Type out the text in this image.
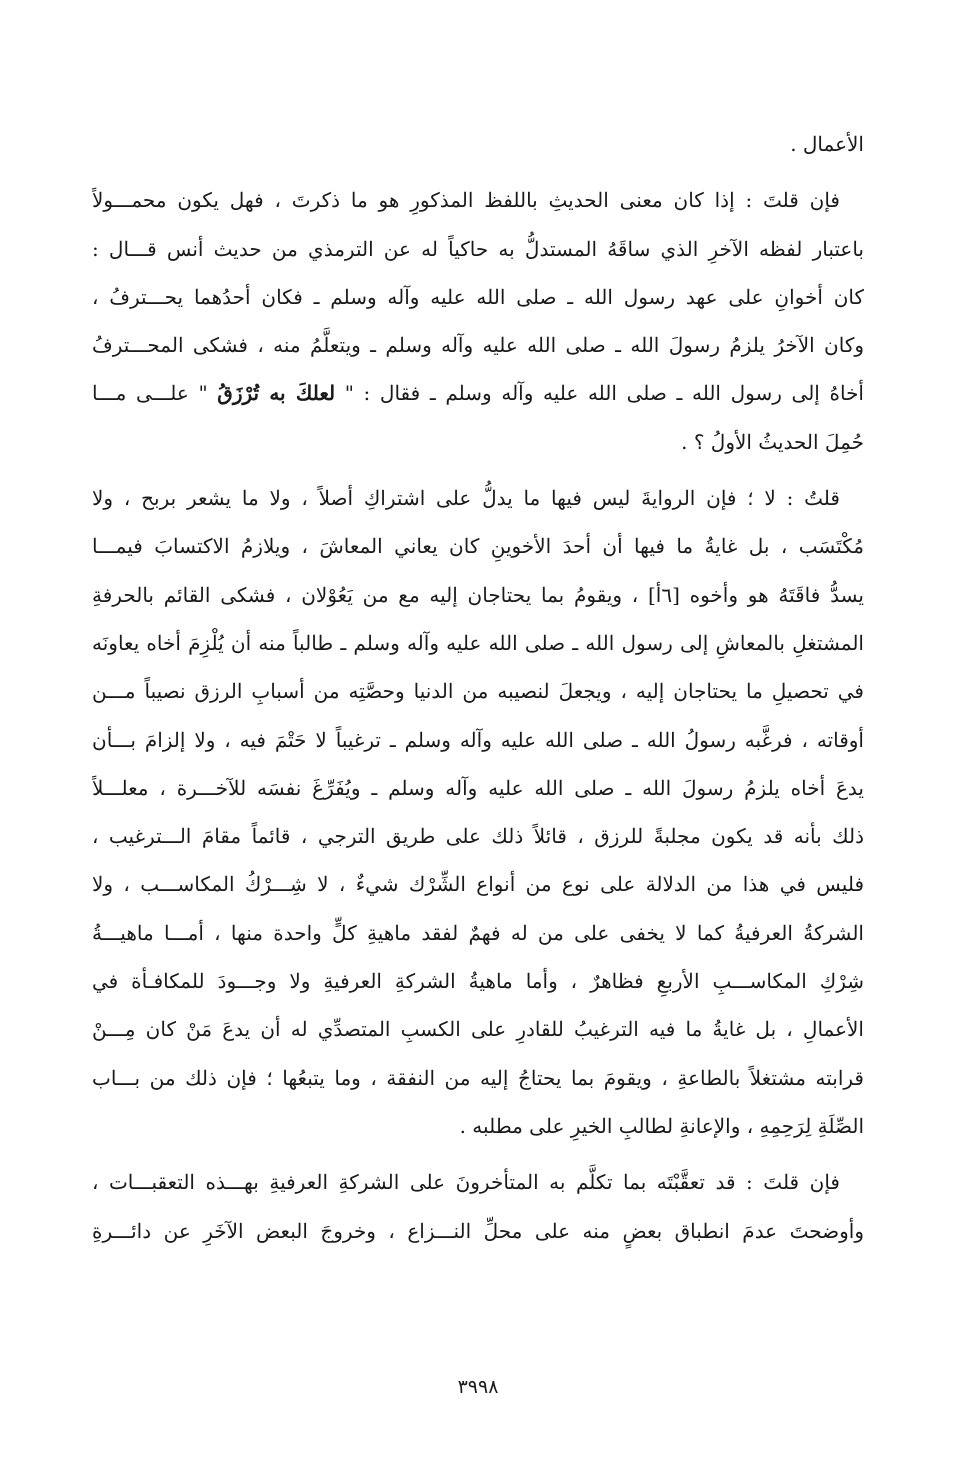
الأعمال .
فإن قلتَ : إذا كان معنى الحديثِ باللفظ المذكورِ هو ما ذكرتَ ، فهل يكون محمـــولاً
باعتبار لفظه الآخرِ الذي ساقَهُ المستدلُّ به حاكياً له عن الترمذي من حديث أنس قـــال :
كان أخوانِ على عهد رسول الله ـ صلى الله عليه وآله وسلم ـ فكان أحدُهما يحـــترفُ ،
وكان الآخرُ يلزمُ رسولَ الله ـ صلى الله عليه وآله وسلم ـ ويتعلَّمُ منه ، فشكى المحـــترفُ
أخاهُ إلى رسول الله ـ صلى الله عليه وآله وسلم ـ فقال : " لعلكَ به تُرْزَقُ " علـــى مـــا
حُمِلَ الحديثُ الأولُ ؟ .
قلتُ : لا ؛ فإن الروايةَ ليس فيها ما يدلُّ على اشتراكِ أصلاً ، ولا ما يشعر بربح ، ولا
مُكْتَسَب ، بل غايةُ ما فيها أن أحدَ الأخوينِ كان يعاني المعاشَ ، ويلازمُ الاكتسابَ فيمـــا
يسدُّ فاقَتَهُ هو وأخوه [٦أ] ، ويقومُ بما يحتاجان إليه مع من يَعُوْلان ، فشكى القائم بالحرفةِ
المشتغلِ بالمعاشِ إلى رسول الله ـ صلى الله عليه وآله وسلم ـ طالباً منه أن يُلْزِمَ أخاه يعاونَه
في تحصيلِ ما يحتاجان إليه ، ويجعلَ لنصيبه من الدنيا وحصَّتِه من أسبابِ الرزق نصيباً مـــن
أوقاته ، فرغَّبه رسولُ الله ـ صلى الله عليه وآله وسلم ـ ترغيباً لا حَتْمَ فيه ، ولا إلزامَ بـــأن
يدعَ أخاه يلزمُ رسولَ الله ـ صلى الله عليه وآله وسلم ـ ويُفَرِّغَ نفسَه للآخـــرة ، معلـــلاً
ذلك بأنه قد يكون مجلبةً للرزق ، قائلاً ذلك على طريق الترجي ، قائماً مقامَ الـــترغيب ،
فليس في هذا من الدلالة على نوع من أنواع الشِّرْك شيءٌ ، لا شِـــرْكُ المكاســـب ، ولا
الشركةُ العرفيةُ كما لا يخفى على من له فهمٌ لفقد ماهيةِ كلٍّ واحدة منها ، أمـــا ماهيـــةُ
شِرْكِ المكاســـبِ الأربعِ فظاهرٌ ، وأما ماهيةُ الشركةِ العرفيةِ ولا وجـــودَ للمكافـأة في
الأعمالِ ، بل غايةُ ما فيه الترغيبُ للقادرِ على الكسبِ المتصدِّي له أن يدعَ مَنْ كان مِـــنْ
قرابته مشتغلاً بالطاعةِ ، ويقومَ بما يحتاجُ إليه من النفقة ، وما يتبعُها ؛ فإن ذلك من بـــاب
الصِّلَةِ لِرَحِمِهِ ، والإعانةِ لطالبِ الخيرِ على مطلبه .
فإن قلتَ : قد تعقَّبْتَه بما تكلَّم به المتأخرونَ على الشركةِ العرفيةِ بهـــذه التعقبـــات ،
وأوضحتَ عدمَ انطباق بعضٍ منه على محلِّ النـــزاع ، وخروجَ البعض الآخَرِ عن دائـــرةِ
٣٩٩٨
